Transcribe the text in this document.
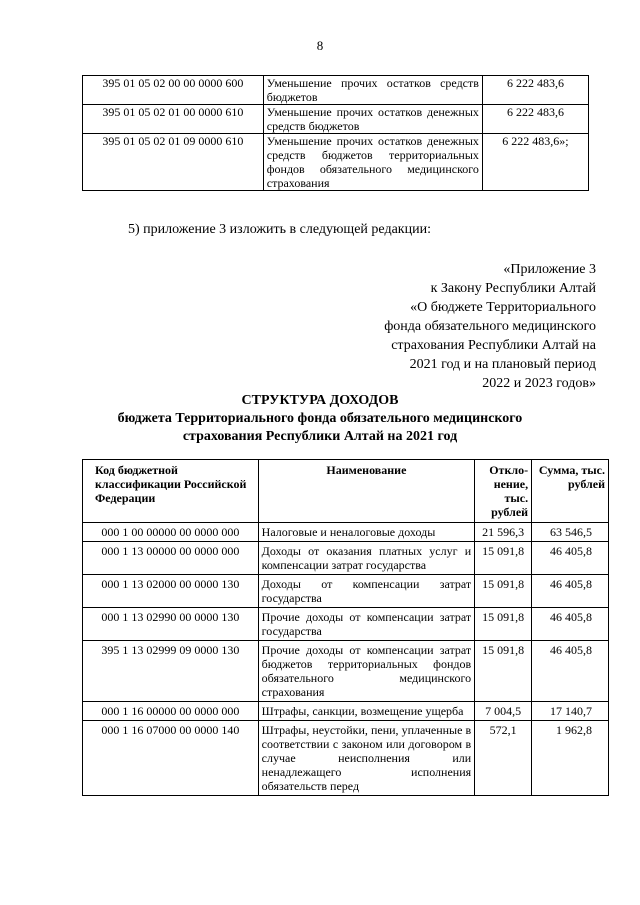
8
395 01 05 02 00 00 0000 600	Уменьшение прочих остатков средств бюджетов	6 222 483,6
395 01 05 02 01 00 0000 610	Уменьшение прочих остатков денежных средств бюджетов	6 222 483,6
395 01 05 02 01 09 0000 610	Уменьшение прочих остатков денежных средств бюджетов территориальных фондов обязательного медицинского страхования	6 222 483,6»;
5) приложение 3 изложить в следующей редакции:
«Приложение 3
к Закону Республики Алтай
«О бюджете Территориального
фонда обязательного медицинского
страхования Республики Алтай на
2021 год и на плановый период
2022 и 2023 годов»
СТРУКТУРА ДОХОДОВ
бюджета Территориального фонда обязательного медицинского
страхования Республики Алтай на 2021 год
Код бюджетной классификации Российской Федерации	Наименование	Откло-нение, тыс. рублей	Сумма, тыс. рублей
000 1 00 00000 00 0000 000	Налоговые и неналоговые доходы	21 596,3	63 546,5
000 1 13 00000 00 0000 000	Доходы от оказания платных услуг и компенсации затрат государства	15 091,8	46 405,8
000 1 13 02000 00 0000 130	Доходы от компенсации затрат государства	15 091,8	46 405,8
000 1 13 02990 00 0000 130	Прочие доходы от компенсации затрат государства	15 091,8	46 405,8
395 1 13 02999 09 0000 130	Прочие доходы от компенсации затрат бюджетов территориальных фондов обязательного медицинского страхования	15 091,8	46 405,8
000 1 16 00000 00 0000 000	Штрафы, санкции, возмещение ущерба	7 004,5	17 140,7
000 1 16 07000 00 0000 140	Штрафы, неустойки, пени, уплаченные в соответствии с законом или договором в случае неисполнения или ненадлежащего исполнения обязательств перед	572,1	1 962,8
